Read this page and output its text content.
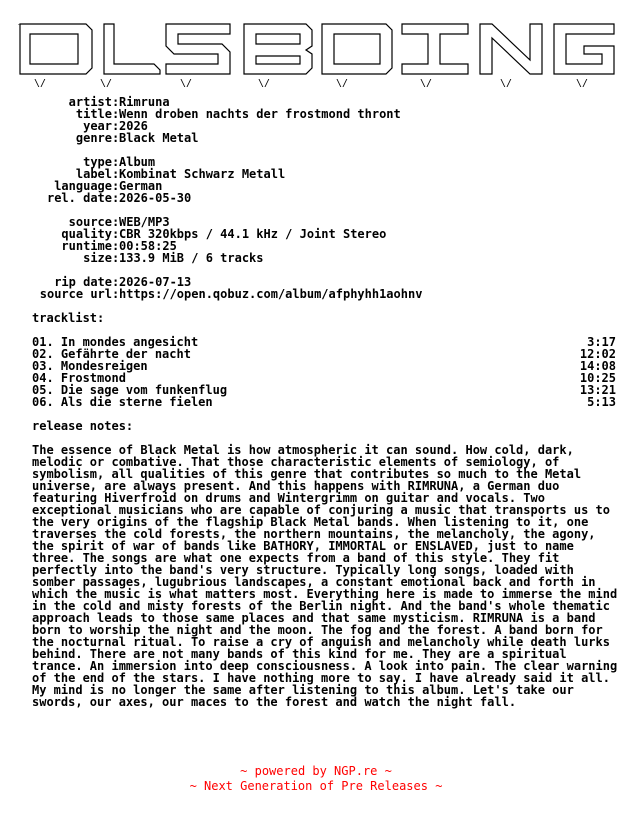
________
\/	\/	\/	\/	\/	\/	\/	\/
artist : Rimruna
title : Wenn droben nachts der frostmond thront
year : 2026
genre : Black Metal
type : Album
label : Kombinat Schwarz Metall
language : German
rel. date : 2026-05-30
source : WEB/MP3
quality : CBR 320kbps / 44.1 kHz / Joint Stereo
runtime : 00:58:25
size : 133.9 MiB / 6 tracks
rip date : 2026-07-13
source url : https://open.qobuz.com/album/afphyhh1aohnv
tracklist:
01. In mondes angesicht	3:17
02. Gefährte der nacht	12:02
03. Mondesreigen	14:08
04. Frostmond	10:25
05. Die sage vom funkenflug	13:21
06. Als die sterne fielen	5:13
release notes:
The essence of Black Metal is how atmospheric it can sound. How cold, dark, melodic or combative. That those characteristic elements of semiology, of symbolism, all qualities of this genre that contributes so much to the Metal universe, are always present. And this happens with RIMRUNA, a German duo featuring Hiverfroid on drums and Wintergrimm on guitar and vocals. Two exceptional musicians who are capable of conjuring a music that transports us to the very origins of the flagship Black Metal bands. When listening to it, one traverses the cold forests, the northern mountains, the melancholy, the agony, the spirit of war of bands like BATHORY, IMMORTAL or ENSLAVED, just to name three. The songs are what one expects from a band of this style. They fit perfectly into the band's very structure. Typically long songs, loaded with somber passages, lugubrious landscapes, a constant emotional back and forth in which the music is what matters most. Everything here is made to immerse the mind in the cold and misty forests of the Berlin night. And the band's whole thematic approach leads to those same places and that same mysticism. RIMRUNA is a band born to worship the night and the moon. The fog and the forest. A band born for the nocturnal ritual. To raise a cry of anguish and melancholy while death lurks behind. There are not many bands of this kind for me. They are a spiritual trance. An immersion into deep consciousness. A look into pain. The clear warning of the end of the stars. I have nothing more to say. I have already said it all. My mind is no longer the same after listening to this album. Let's take our swords, our axes, our maces to the forest and watch the night fall.
~ powered by NGP.re ~
~ Next Generation of Pre Releases ~
